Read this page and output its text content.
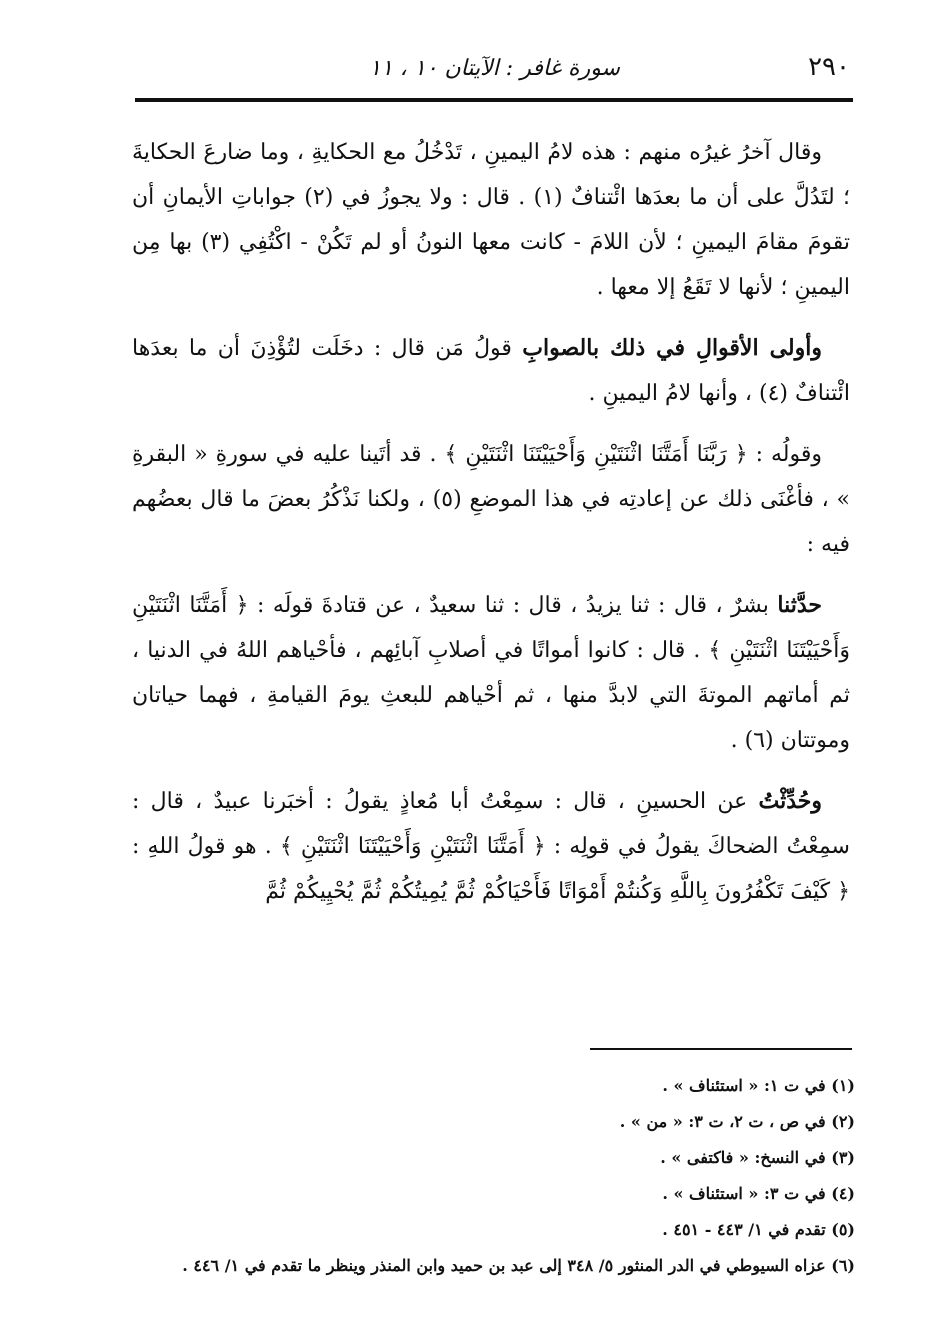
٢٩٠
سورة غافر : الآيتان ١٠ ، ١١

وقال آخرُ غيرُه منهم : هذه لامُ اليمينِ ، تَدْخُلُ مع الحكايةِ ، وما ضارعَ الحكايةَ ؛ لتَدُلَّ على أن ما بعدَها ائْتنافٌ (١) . قال : ولا يجوزُ في (٢) جواباتِ الأيمانِ أن تقومَ مقامَ اليمينِ ؛ لأن اللامَ - كانت معها النونُ أو لم تَكُنْ - اكْتُفِي (٣) بها مِن اليمينِ ؛ لأنها لا تَقَعُ إلا معها .

وأولى الأقوالِ في ذلك بالصوابِ قولُ مَن قال : دخَلَت لتُؤْذِنَ أن ما بعدَها ائْتنافٌ (٤) ، وأنها لامُ اليمينِ .

وقولُه : ﴿ رَبَّنَا أَمَتَّنَا اثْنَتَيْنِ وَأَحْيَيْتَنَا اثْنَتَيْنِ ﴾ . قد أتَينا عليه في سورةِ « البقرةِ » ، فأغْنَى ذلك عن إعادتِه في هذا الموضعِ (٥) ، ولكنا نَذْكُرُ بعضَ ما قال بعضُهم فيه :

حدَّثنا بشرٌ ، قال : ثنا يزيدُ ، قال : ثنا سعيدٌ ، عن قتادةَ قولَه : ﴿ أَمَتَّنَا اثْنَتَيْنِ وَأَحْيَيْتَنَا اثْنَتَيْنِ ﴾ . قال : كانوا أمواتًا في أصلابِ آبائِهم ، فأحْياهم اللهُ في الدنيا ، ثم أماتهم الموتةَ التي لابدَّ منها ، ثم أحْياهم للبعثِ يومَ القيامةِ ، فهما حياتان وموتتان (٦) .

وحُدِّثْتُ عن الحسينِ ، قال : سمِعْتُ أبا مُعاذٍ يقولُ : أخبَرنا عبيدٌ ، قال : سمِعْتُ الضحاكَ يقولُ في قولِه : ﴿ أَمَتَّنَا اثْنَتَيْنِ وَأَحْيَيْتَنَا اثْنَتَيْنِ ﴾ . هو قولُ اللهِ : ﴿ كَيْفَ تَكْفُرُونَ بِاللَّهِ وَكُنتُمْ أَمْوَاتًا فَأَحْيَاكُمْ ثُمَّ يُمِيتُكُمْ ثُمَّ يُحْيِيكُمْ ثُمَّ

(١) في ت ١: « استئناف » .
(٢) في ص ، ت ٢، ت ٣: « من » .
(٣) في النسخ: « فاكتفى » .
(٤) في ت ٣: « استئناف » .
(٥) تقدم في ١/ ٤٤٣ - ٤٥١ .
(٦) عزاه السيوطي في الدر المنثور ٥/ ٣٤٨ إلى عبد بن حميد وابن المنذر وينظر ما تقدم في ١/ ٤٤٦ .
